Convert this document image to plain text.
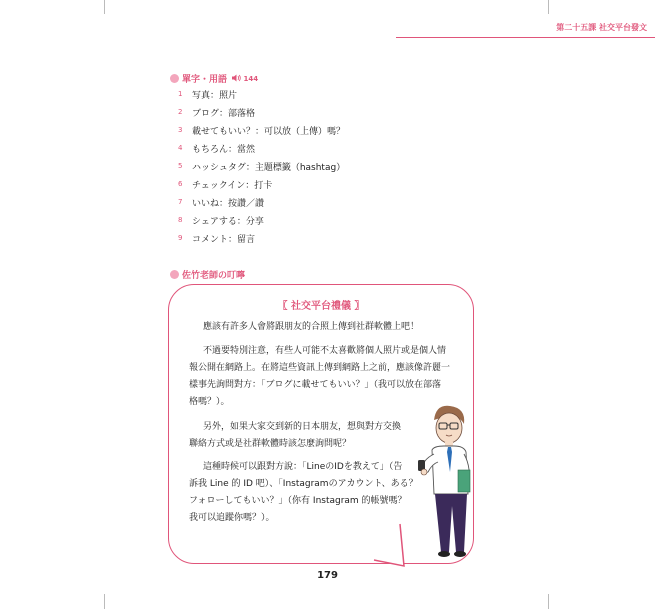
第二十五課 社交平台發文
單字・用語	144
1	写真：照片
2	ブログ：部落格
3	載せてもいい？：可以放（上傳）嗎？
4	もちろん：當然
5	ハッシュタグ：主題標籤（hashtag）
6	チェックイン：打卡
7	いいね：按讚／讚
8	シェアする：分享
9	コメント：留言
佐竹老師の叮嚀
〖 社交平台禮儀 〗
應該有許多人會將跟朋友的合照上傳到社群軟體上吧！
不過要特別注意，有些人可能不太喜歡將個人照片或是個人情
報公開在網路上。在將這些資訊上傳到網路上之前，應該像許麗一
樣事先詢問對方：「ブログに載せてもいい？」（我可以放在部落
格嗎？）。
另外，如果大家交到新的日本朋友，想與對方交換
聯絡方式或是社群軟體時該怎麼詢問呢？
這種時候可以跟對方說：「LineのIDを教えて」（告
訴我 Line 的 ID 吧）、「Instagramのアカウント、ある？
フォローしてもいい？」（你有 Instagram 的帳號嗎？
我可以追蹤你嗎？）。
179
